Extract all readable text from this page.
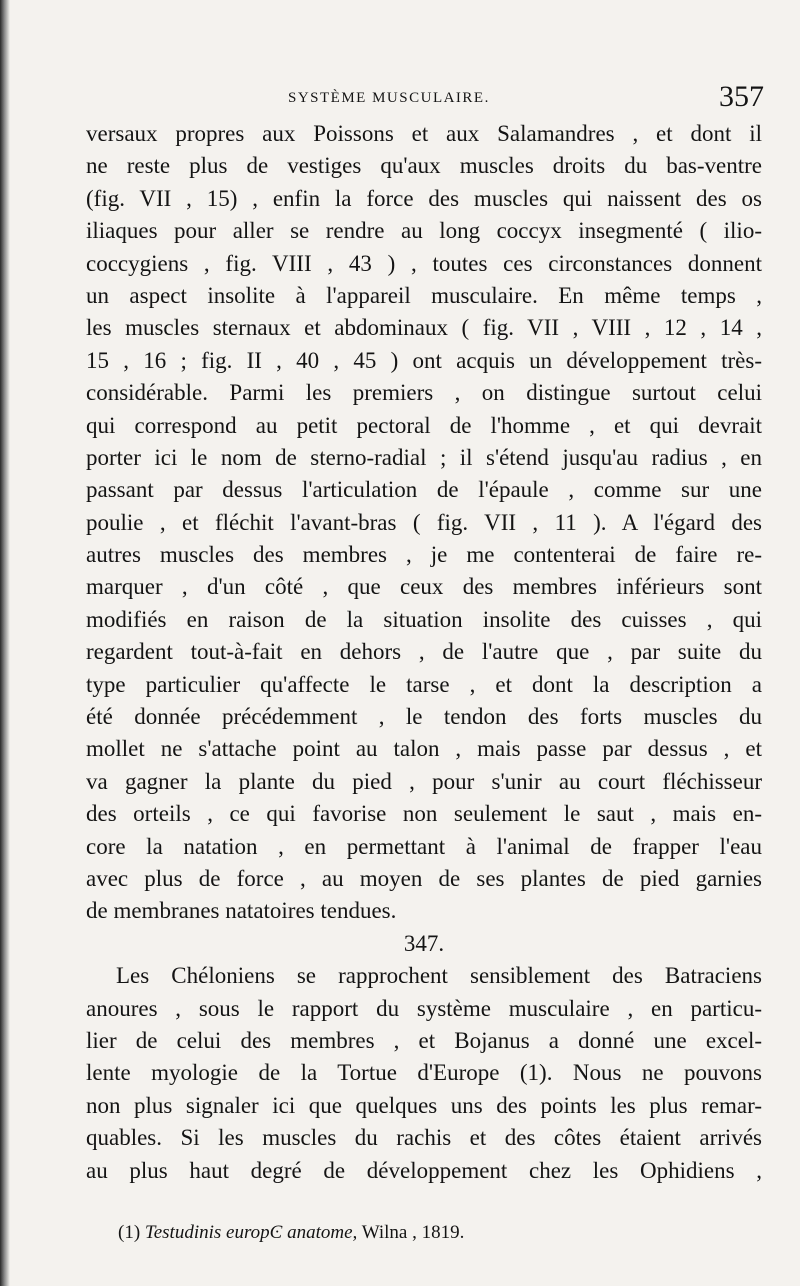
SYSTÈME MUSCULAIRE.	357
versaux propres aux Poissons et aux Salamandres , et dont il
ne reste plus de vestiges qu'aux muscles droits du bas-ventre
(fig. VII , 15) , enfin la force des muscles qui naissent des os
iliaques pour aller se rendre au long coccyx insegmenté ( ilio-
coccygiens , fig. VIII , 43 ) , toutes ces circonstances donnent
un aspect insolite à l'appareil musculaire. En même temps ,
les muscles sternaux et abdominaux ( fig. VII , VIII , 12 , 14 ,
15 , 16 ; fig. II , 40 , 45 ) ont acquis un développement très-
considérable. Parmi les premiers , on distingue surtout celui
qui correspond au petit pectoral de l'homme , et qui devrait
porter ici le nom de sterno-radial ; il s'étend jusqu'au radius , en
passant par dessus l'articulation de l'épaule , comme sur une
poulie , et fléchit l'avant-bras ( fig. VII , 11 ). A l'égard des
autres muscles des membres , je me contenterai de faire re-
marquer , d'un côté , que ceux des membres inférieurs sont
modifiés en raison de la situation insolite des cuisses , qui
regardent tout-à-fait en dehors , de l'autre que , par suite du
type particulier qu'affecte le tarse , et dont la description a
été donnée précédemment , le tendon des forts muscles du
mollet ne s'attache point au talon , mais passe par dessus , et
va gagner la plante du pied , pour s'unir au court fléchisseur
des orteils , ce qui favorise non seulement le saut , mais en-
core la natation , en permettant à l'animal de frapper l'eau
avec plus de force , au moyen de ses plantes de pied garnies
de membranes natatoires tendues.
347.
Les Chéloniens se rapprochent sensiblement des Batraciens
anoures , sous le rapport du système musculaire , en particu-
lier de celui des membres , et Bojanus a donné une excel-
lente myologie de la Tortue d'Europe (1). Nous ne pouvons
non plus signaler ici que quelques uns des points les plus remar-
quables. Si les muscles du rachis et des côtes étaient arrivés
au plus haut degré de développement chez les Ophidiens ,
(1) Testudinis europϾ anatome, Wilna , 1819.
